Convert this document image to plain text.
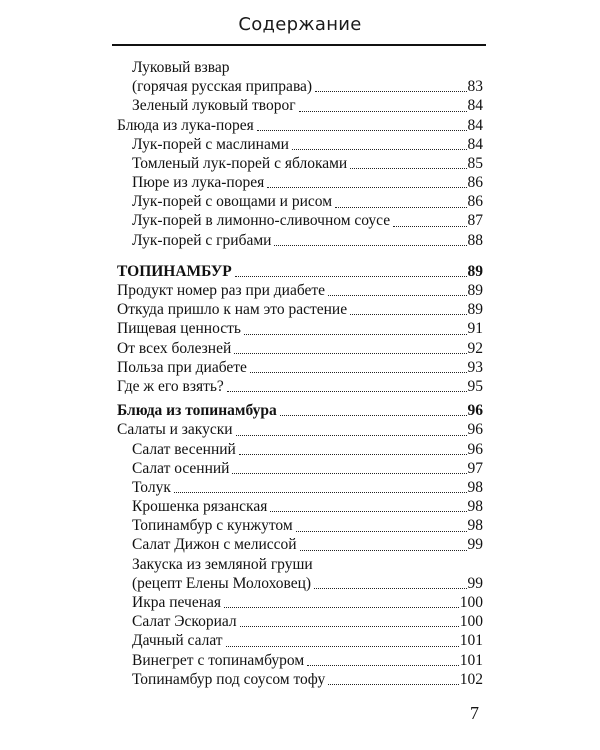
Содержание
Луковый взвар
(горячая русская приправа)	83
Зеленый луковый творог	84
Блюда из лука-порея	84
Лук-порей с маслинами	84
Томленый лук-порей с яблоками	85
Пюре из лука-порея	86
Лук-порей с овощами и рисом	86
Лук-порей в лимонно-сливочном соусе	87
Лук-порей с грибами	88
ТОПИНАМБУР	89
Продукт номер раз при диабете	89
Откуда пришло к нам это растение	89
Пищевая ценность	91
От всех болезней	92
Польза при диабете	93
Где ж его взять?	95
Блюда из топинамбура	96
Салаты и закуски	96
Салат весенний	96
Салат осенний	97
Толук	98
Крошенка рязанская	98
Топинамбур с кунжутом	98
Салат Дижон с мелиссой	99
Закуска из земляной груши
(рецепт Елены Молоховец)	99
Икра печеная	100
Салат Эскориал	100
Дачный салат	101
Винегрет с топинамбуром	101
Топинамбур под соусом тофу	102
7
